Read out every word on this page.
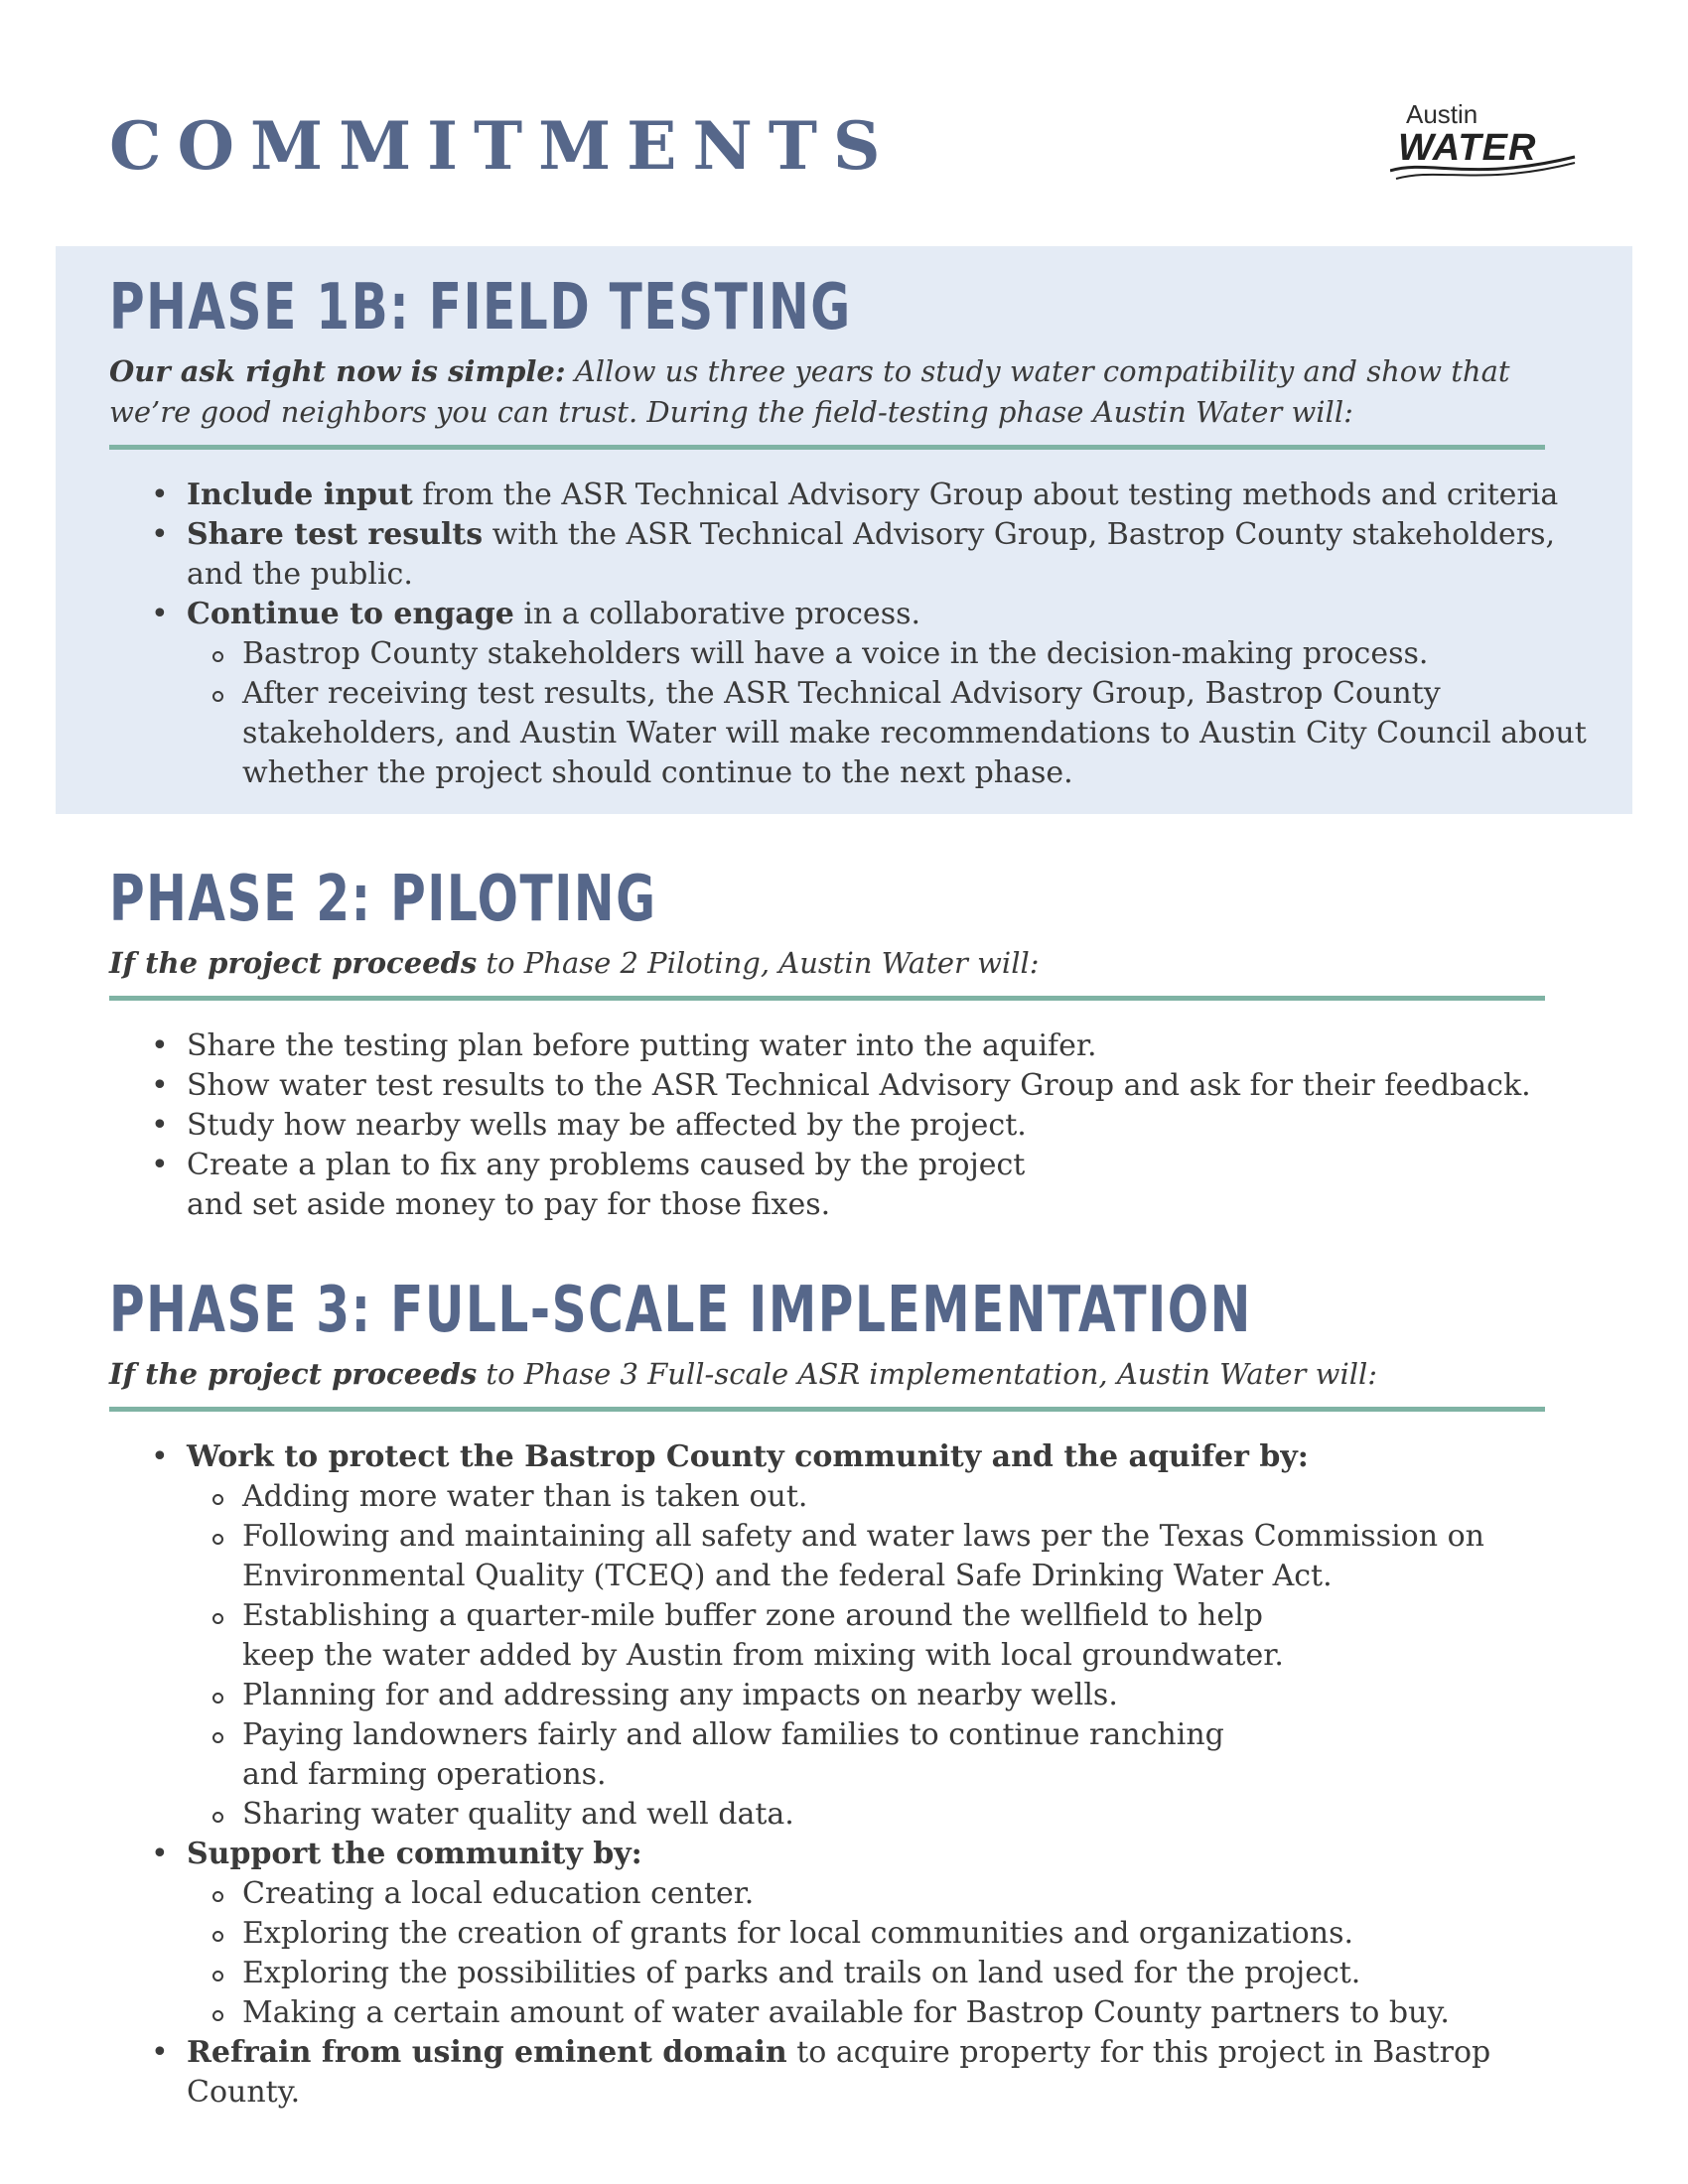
COMMITMENTS	Austin
WATER
PHASE 1B: FIELD TESTING

Our ask right now is simple: Allow us three years to study water compatibility and show that we’re good neighbors you can trust. During the field-testing phase Austin Water will:

• Include input from the ASR Technical Advisory Group about testing methods and criteria
• Share test results with the ASR Technical Advisory Group, Bastrop County stakeholders, and the public.
• Continue to engage in a collaborative process.
Bastrop County stakeholders will have a voice in the decision-making process.
After receiving test results, the ASR Technical Advisory Group, Bastrop County stakeholders, and Austin Water will make recommendations to Austin City Council about whether the project should continue to the next phase.
PHASE 2: PILOTING

If the project proceeds to Phase 2 Piloting, Austin Water will:

• Share the testing plan before putting water into the aquifer.
• Show water test results to the ASR Technical Advisory Group and ask for their feedback.
• Study how nearby wells may be affected by the project.
• Create a plan to fix any problems caused by the project
and set aside money to pay for those fixes.
PHASE 3: FULL-SCALE IMPLEMENTATION

If the project proceeds to Phase 3 Full-scale ASR implementation, Austin Water will:

• Work to protect the Bastrop County community and the aquifer by:
Adding more water than is taken out.
Following and maintaining all safety and water laws per the Texas Commission on Environmental Quality (TCEQ) and the federal Safe Drinking Water Act.
Establishing a quarter-mile buffer zone around the wellfield to help
keep the water added by Austin from mixing with local groundwater.
Planning for and addressing any impacts on nearby wells.
Paying landowners fairly and allow families to continue ranching
and farming operations.
Sharing water quality and well data.
• Support the community by:
Creating a local education center.
Exploring the creation of grants for local communities and organizations.
Exploring the possibilities of parks and trails on land used for the project.
Making a certain amount of water available for Bastrop County partners to buy.
• Refrain from using eminent domain to acquire property for this project in Bastrop County.
